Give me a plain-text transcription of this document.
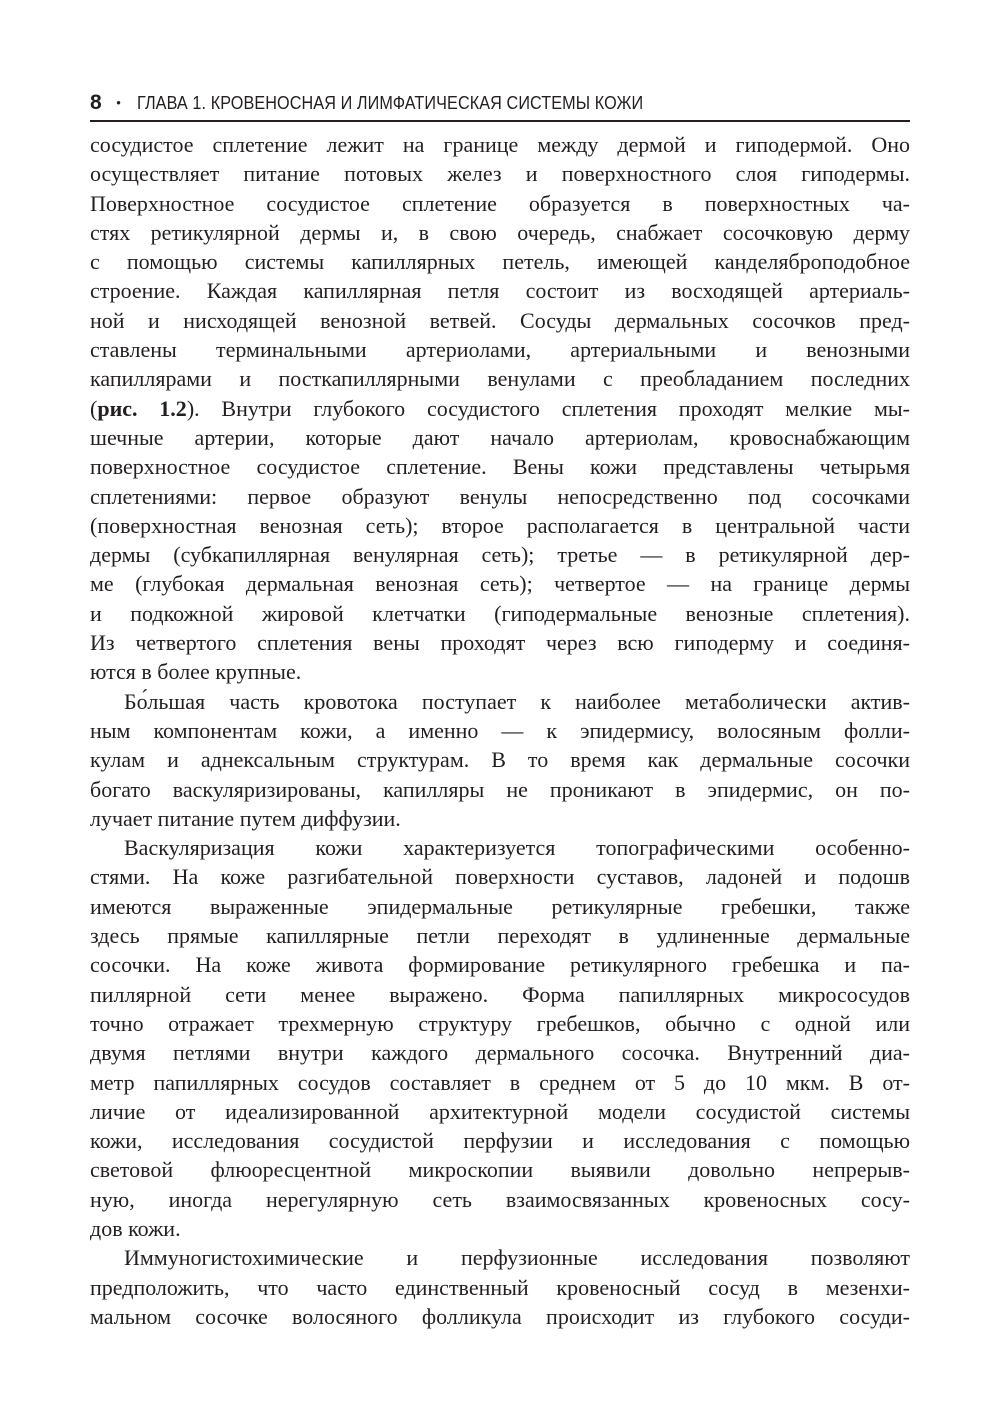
8 • ГЛАВА 1. КРОВЕНОСНАЯ И ЛИМФАТИЧЕСКАЯ СИСТЕМЫ КОЖИ
сосудистое сплетение лежит на границе между дермой и гиподермой. Оно
осуществляет питание потовых желез и поверхностного слоя гиподермы.
Поверхностное сосудистое сплетение образуется в поверхностных ча-
стях ретикулярной дермы и, в свою очередь, снабжает сосочковую дерму
с помощью системы капиллярных петель, имеющей канделяброподобное
строение. Каждая капиллярная петля состоит из восходящей артериаль-
ной и нисходящей венозной ветвей. Сосуды дермальных сосочков пред-
ставлены терминальными артериолами, артериальными и венозными
капиллярами и посткапиллярными венулами с преобладанием последних
(рис. 1.2). Внутри глубокого сосудистого сплетения проходят мелкие мы-
шечные артерии, которые дают начало артериолам, кровоснабжающим
поверхностное сосудистое сплетение. Вены кожи представлены четырьмя
сплетениями: первое образуют венулы непосредственно под сосочками
(поверхностная венозная сеть); второе располагается в центральной части
дермы (субкапиллярная венулярная сеть); третье — в ретикулярной дер-
ме (глубокая дермальная венозная сеть); четвертое — на границе дермы
и подкожной жировой клетчатки (гиподермальные венозные сплетения).
Из четвертого сплетения вены проходят через всю гиподерму и соединя-
ются в более крупные.
Бо́льшая часть кровотока поступает к наиболее метаболически актив-
ным компонентам кожи, а именно — к эпидермису, волосяным фолли-
кулам и аднексальным структурам. В то время как дермальные сосочки
богато васкуляризированы, капилляры не проникают в эпидермис, он по-
лучает питание путем диффузии.
Васкуляризация кожи характеризуется топографическими особенно-
стями. На коже разгибательной поверхности суставов, ладоней и подошв
имеются выраженные эпидермальные ретикулярные гребешки, также
здесь прямые капиллярные петли переходят в удлиненные дермальные
сосочки. На коже живота формирование ретикулярного гребешка и па-
пиллярной сети менее выражено. Форма папиллярных микрососудов
точно отражает трехмерную структуру гребешков, обычно с одной или
двумя петлями внутри каждого дермального сосочка. Внутренний диа-
метр папиллярных сосудов составляет в среднем от 5 до 10 мкм. В от-
личие от идеализированной архитектурной модели сосудистой системы
кожи, исследования сосудистой перфузии и исследования с помощью
световой флюоресцентной микроскопии выявили довольно непрерыв-
ную, иногда нерегулярную сеть взаимосвязанных кровеносных сосу-
дов кожи.
Иммуногистохимические и перфузионные исследования позволяют
предположить, что часто единственный кровеносный сосуд в мезенхи-
мальном сосочке волосяного фолликула происходит из глубокого сосуди-
